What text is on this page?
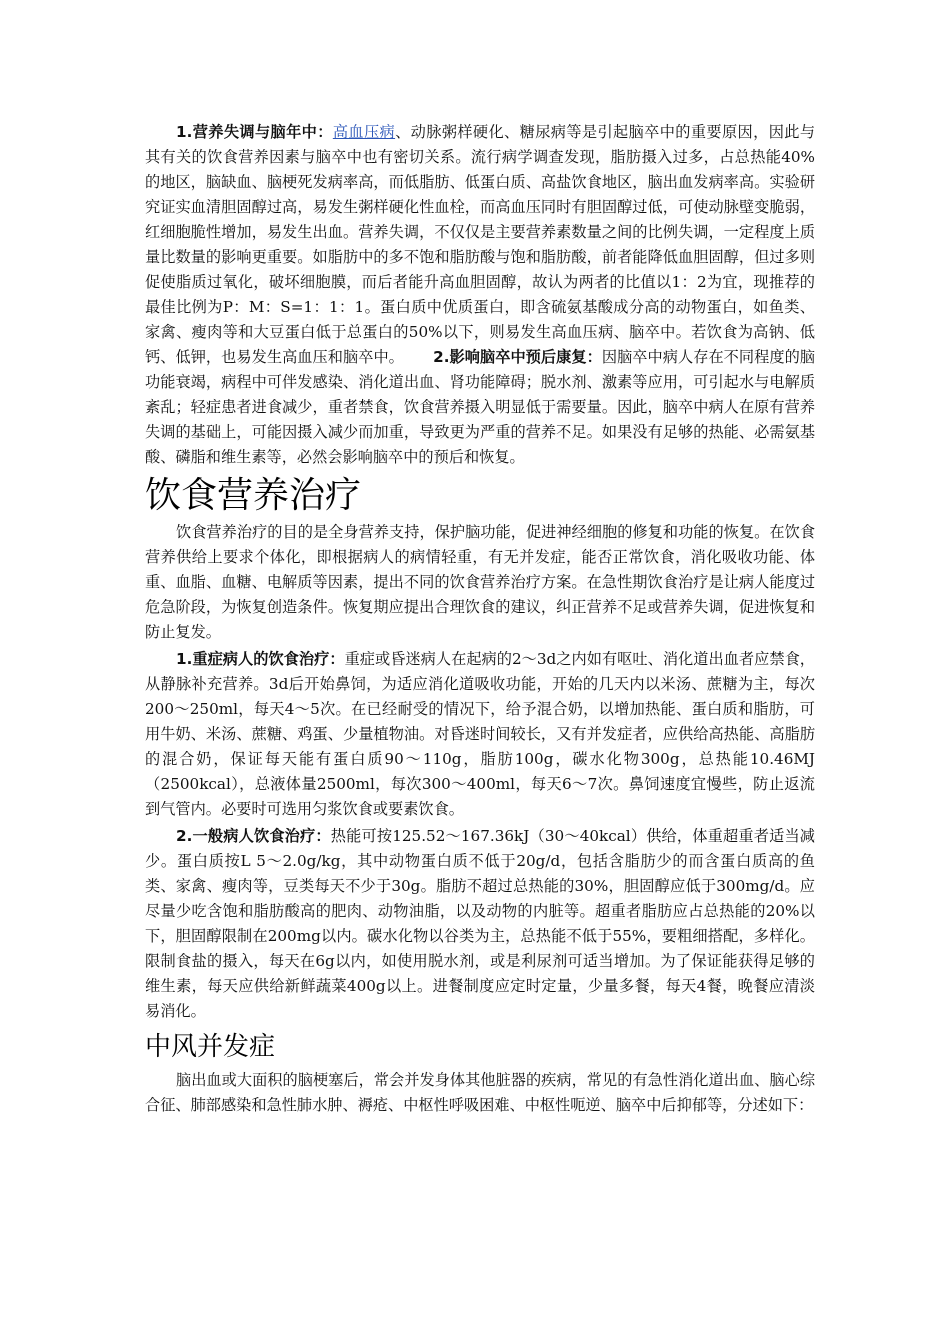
1.营养失调与脑年中：高血压病、动脉粥样硬化、糖尿病等是引起脑卒中的重要原因，因此与其有关的饮食营养因素与脑卒中也有密切关系。流行病学调查发现，脂肪摄入过多，占总热能40%的地区，脑缺血、脑梗死发病率高，而低脂肪、低蛋白质、高盐饮食地区，脑出血发病率高。实验研究证实血清胆固醇过高，易发生粥样硬化性血栓，而高血压同时有胆固醇过低，可使动脉壁变脆弱，红细胞脆性增加，易发生出血。营养失调，不仅仅是主要营养素数量之间的比例失调，一定程度上质量比数量的影响更重要。如脂肪中的多不饱和脂肪酸与饱和脂肪酸，前者能降低血胆固醇，但过多则促使脂质过氧化，破坏细胞膜，而后者能升高血胆固醇，故认为两者的比值以1：2为宜，现推荐的最佳比例为P：M：S=1：1：1。蛋白质中优质蛋白，即含硫氨基酸成分高的动物蛋白，如鱼类、家禽、瘦肉等和大豆蛋白低于总蛋白的50%以下，则易发生高血压病、脑卒中。若饮食为高钠、低钙、低钾，也易发生高血压和脑卒中。 2.影响脑卒中预后康复：因脑卒中病人存在不同程度的脑功能衰竭，病程中可伴发感染、消化道出血、肾功能障碍；脱水剂、激素等应用，可引起水与电解质紊乱；轻症患者进食减少，重者禁食，饮食营养摄入明显低于需要量。因此，脑卒中病人在原有营养失调的基础上，可能因摄入减少而加重，导致更为严重的营养不足。如果没有足够的热能、必需氨基酸、磷脂和维生素等，必然会影响脑卒中的预后和恢复。

饮食营养治疗

饮食营养治疗的目的是全身营养支持，保护脑功能，促进神经细胞的修复和功能的恢复。在饮食营养供给上要求个体化，即根据病人的病情轻重，有无并发症，能否正常饮食，消化吸收功能、体重、血脂、血糖、电解质等因素，提出不同的饮食营养治疗方案。在急性期饮食治疗是让病人能度过危急阶段，为恢复创造条件。恢复期应提出合理饮食的建议，纠正营养不足或营养失调，促进恢复和防止复发。

1.重症病人的饮食治疗：重症或昏迷病人在起病的2～3d之内如有呕吐、消化道出血者应禁食，从静脉补充营养。3d后开始鼻饲，为适应消化道吸收功能，开始的几天内以米汤、蔗糖为主，每次200～250ml，每天4～5次。在已经耐受的情况下，给予混合奶，以增加热能、蛋白质和脂肪，可用牛奶、米汤、蔗糖、鸡蛋、少量植物油。对昏迷时间较长，又有并发症者，应供给高热能、高脂肪的混合奶，保证每天能有蛋白质90～110g，脂肪100g，碳水化物300g，总热能10.46MJ（2500kcal），总液体量2500ml，每次300～400ml，每天6～7次。鼻饲速度宜慢些，防止返流到气管内。必要时可选用匀浆饮食或要素饮食。

2.一般病人饮食治疗：热能可按125.52～167.36kJ（30～40kcal）供给，体重超重者适当减少。蛋白质按L 5～2.0g/kg，其中动物蛋白质不低于20g/d，包括含脂肪少的而含蛋白质高的鱼类、家禽、瘦肉等，豆类每天不少于30g。脂肪不超过总热能的30%，胆固醇应低于300mg/d。应尽量少吃含饱和脂肪酸高的肥肉、动物油脂，以及动物的内脏等。超重者脂肪应占总热能的20%以下，胆固醇限制在200mg以内。碳水化物以谷类为主，总热能不低于55%，要粗细搭配，多样化。限制食盐的摄入，每天在6g以内，如使用脱水剂，或是利尿剂可适当增加。为了保证能获得足够的维生素，每天应供给新鲜蔬菜400g以上。进餐制度应定时定量，少量多餐，每天4餐，晚餐应清淡易消化。

中风并发症

脑出血或大面积的脑梗塞后，常会并发身体其他脏器的疾病，常见的有急性消化道出血、脑心综合征、肺部感染和急性肺水肿、褥疮、中枢性呼吸困难、中枢性呃逆、脑卒中后抑郁等，分述如下：
